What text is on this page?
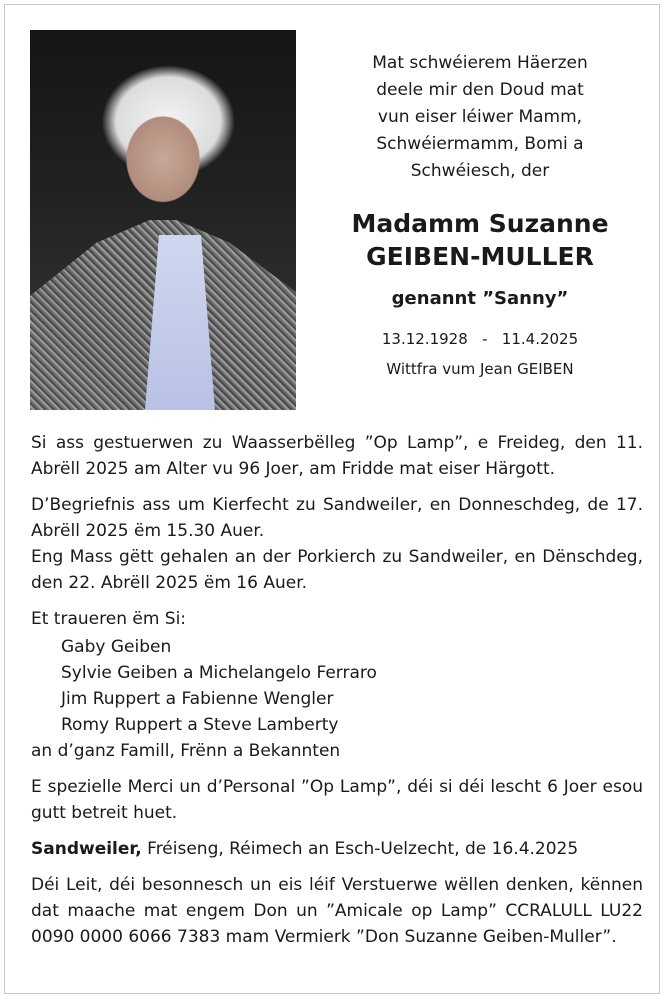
Mat schwéierem Häerzen
deele mir den Doud mat
vun eiser léiwer Mamm,
Schwéiermamm, Bomi a
Schwéiesch, der

Madamm Suzanne

GEIBEN-MULLER

genannt ”Sanny”
13.12.1928 - 11.4.2025
Wittfra vum Jean GEIBEN

Si ass gestuerwen zu Waasserbëlleg ”Op Lamp”, e Freideg, den 11. Abrëll 2025 am Alter vu 96 Joer, am Fridde mat eiser Härgott.

D’Begriefnis ass um Kierfecht zu Sandweiler, en Donneschdeg, de 17. Abrëll 2025 ëm 15.30 Auer.

Eng Mass gëtt gehalen an der Porkierch zu Sandweiler, en Dënschdeg, den 22. Abrëll 2025 ëm 16 Auer.

Et traueren ëm Si:

Gaby Geiben
Sylvie Geiben a Michelangelo Ferraro
Jim Ruppert a Fabienne Wengler
Romy Ruppert a Steve Lamberty

an d’ganz Famill, Frënn a Bekannten

E spezielle Merci un d’Personal ”Op Lamp”, déi si déi lescht 6 Joer esou gutt betreit huet.

Sandweiler, Fréiseng, Réimech an Esch-Uelzecht, de 16.4.2025

Déi Leit, déi besonnesch un eis léif Verstuerwe wëllen denken, kënnen dat maache mat engem Don un ”Amicale op Lamp” CCRALULL LU22 0090 0000 6066 7383 mam Vermierk ”Don Suzanne Geiben-Muller”.
